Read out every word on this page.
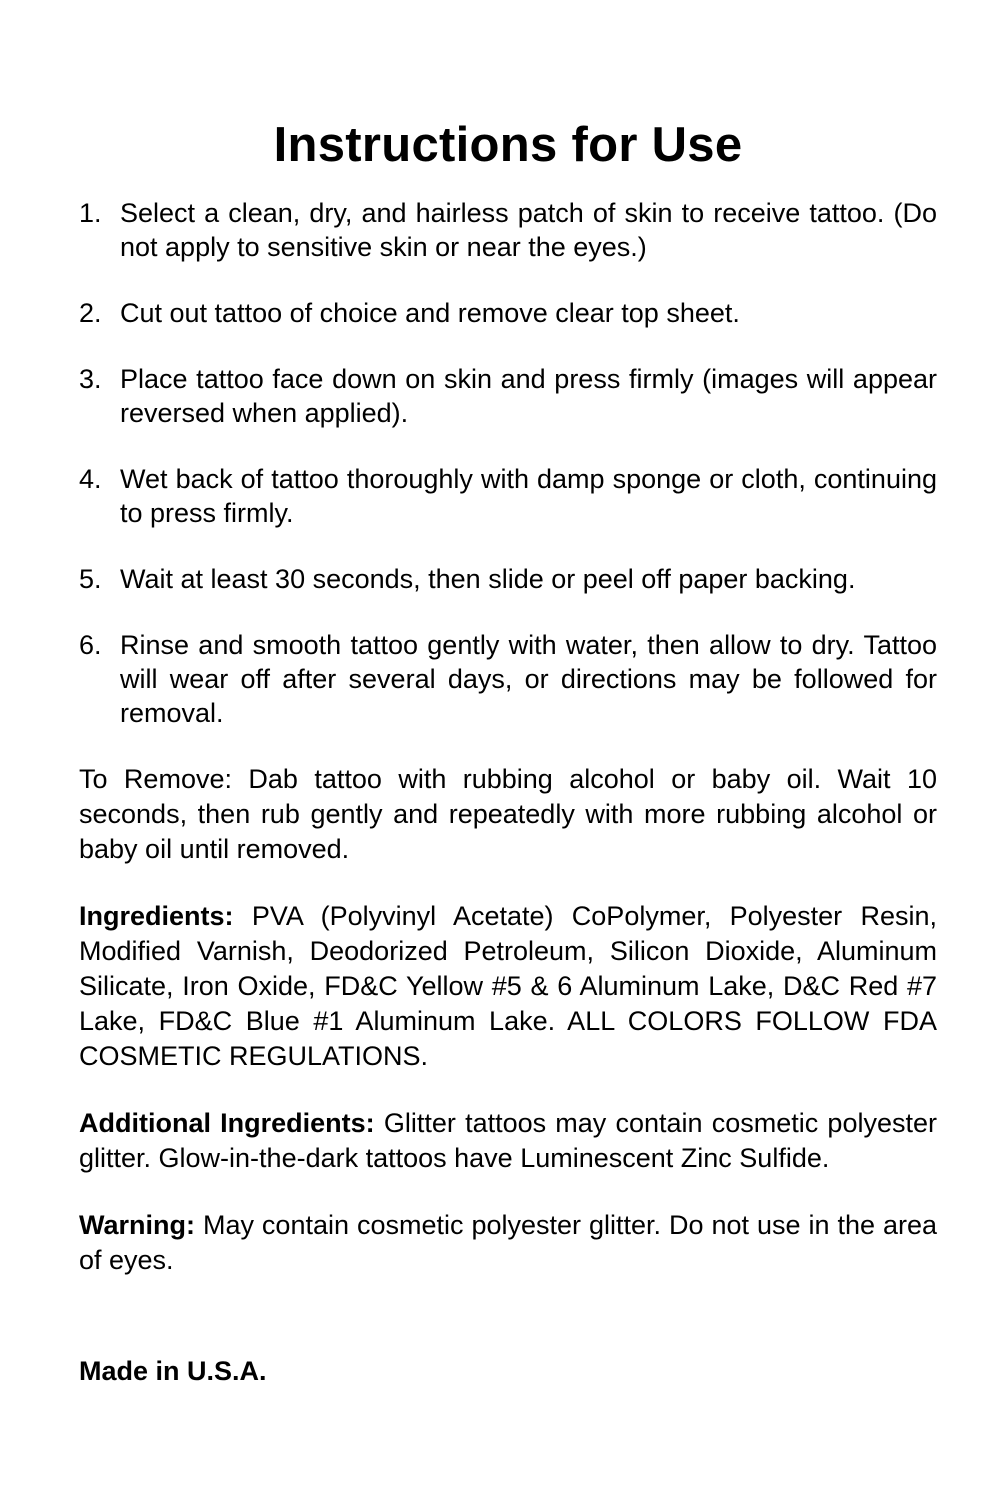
Instructions for Use
1. Select a clean, dry, and hairless patch of skin to receive tattoo. (Do not apply to sensitive skin or near the eyes.)
2. Cut out tattoo of choice and remove clear top sheet.
3. Place tattoo face down on skin and press firmly (images will appear reversed when applied).
4. Wet back of tattoo thoroughly with damp sponge or cloth, continuing to press firmly.
5. Wait at least 30 seconds, then slide or peel off paper backing.
6. Rinse and smooth tattoo gently with water, then allow to dry. Tattoo will wear off after several days, or directions may be followed for removal.

To Remove: Dab tattoo with rubbing alcohol or baby oil. Wait 10 seconds, then rub gently and repeatedly with more rubbing alcohol or baby oil until removed.

Ingredients: PVA (Polyvinyl Acetate) CoPolymer, Polyester Resin, Modified Varnish, Deodorized Petroleum, Silicon Dioxide, Aluminum Silicate, Iron Oxide, FD&C Yellow #5 & 6 Aluminum Lake, D&C Red #7 Lake, FD&C Blue #1 Aluminum Lake. ALL COLORS FOLLOW FDA COSMETIC REGULATIONS.

Additional Ingredients: Glitter tattoos may contain cosmetic polyester glitter. Glow-in-the-dark tattoos have Luminescent Zinc Sulfide.

Warning: May contain cosmetic polyester glitter. Do not use in the area of eyes.

Made in U.S.A.
